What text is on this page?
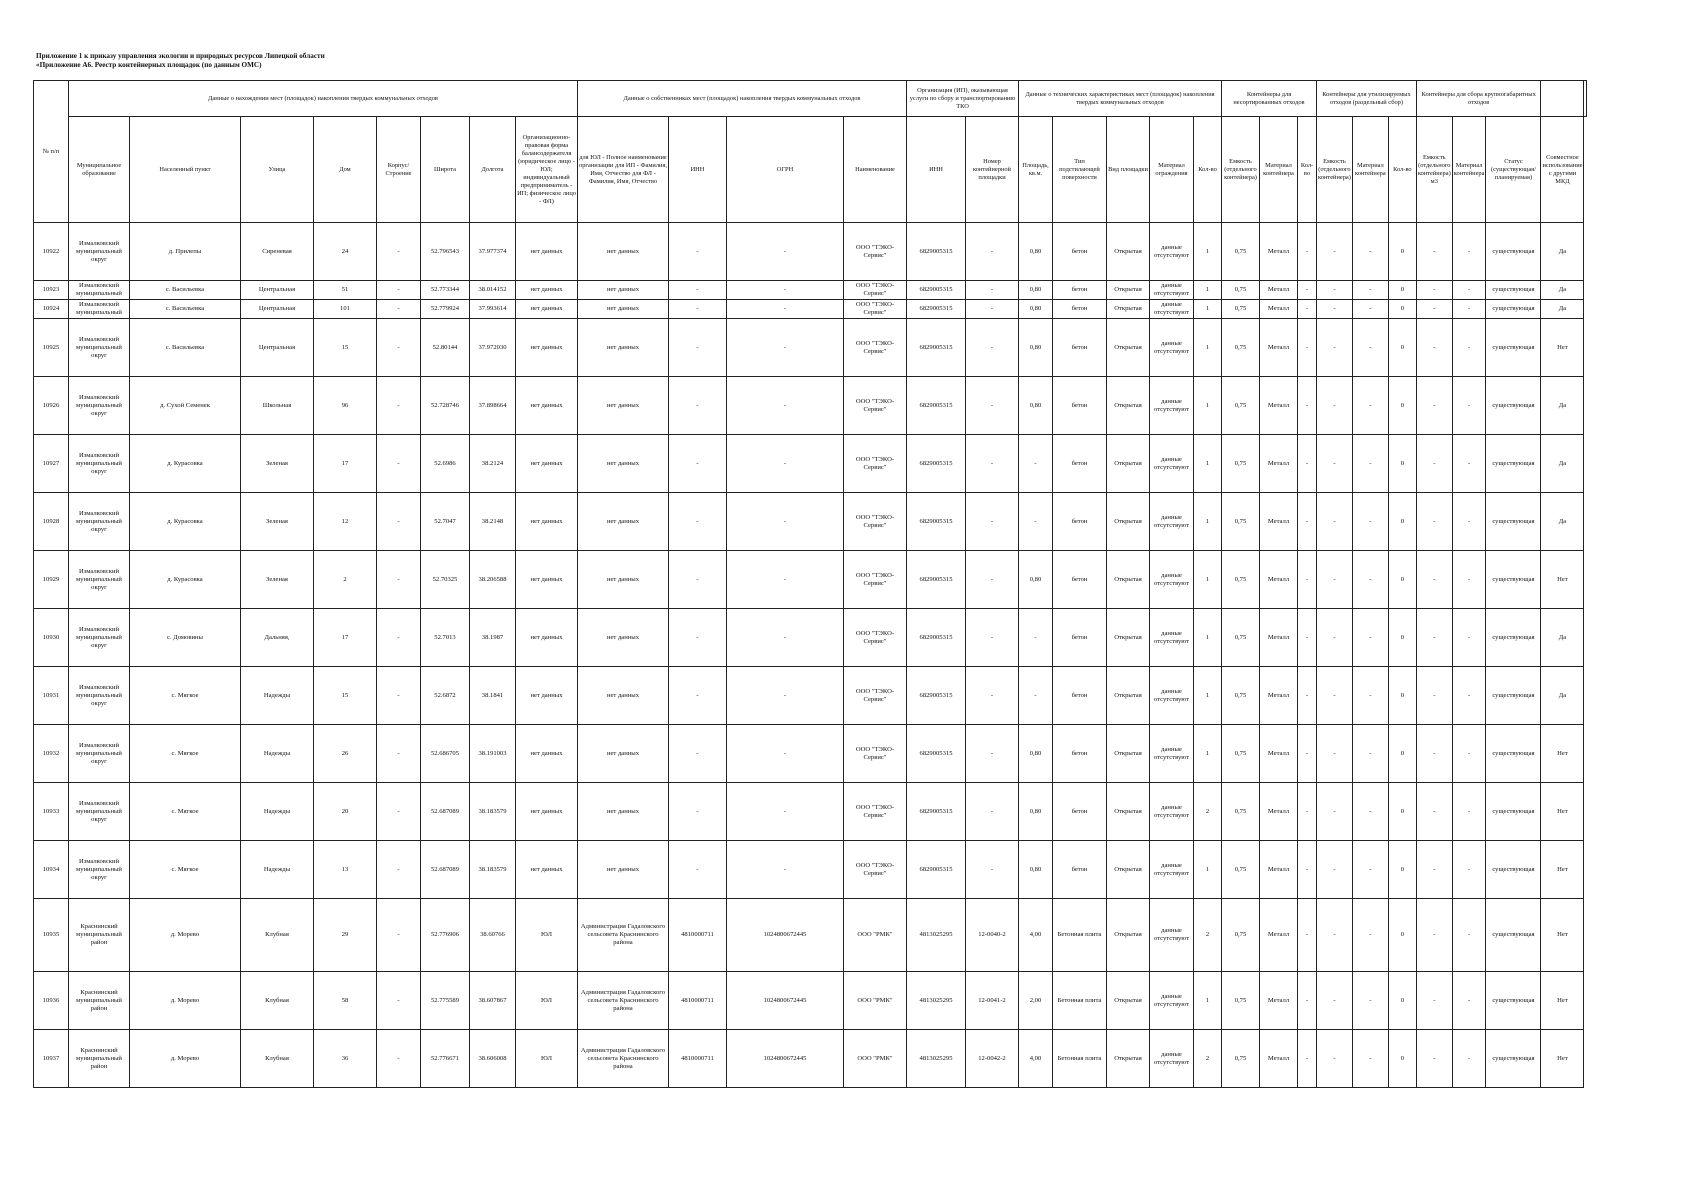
Приложение 1 к приказу управления экологии и природных ресурсов Липецкой области
«Приложение А6. Реестр контейнерных площадок (по данным ОМС)
№ п/п	Данные о нахождении мест (площадок) накопления твердых коммунальных отходов								Данные о собственниках мест (площадок) накопления твердых коммунальных отходов				Организация (ИП), оказывающая услуги по сбору и транспортированию ТКО		Данные о технических характеристиках мест (площадок) накопления твердых коммунальных отходов					Контейнеры для несортированных отходов			Контейнеры для утилизируемых отходов (раздельный сбор)			Контейнеры для сбора крупногабаритных отходов				
	Муниципальное образование	Населенный пункт	Улица	Дом	Корпус/Строение	Широта	Долгота	Организационно-правовая форма балансодержателя (юридическое лицо - ЮЛ; индивидуальный предприниматель - ИП; физическое лицо - ФЛ)	для ЮЛ - Полное наименование организации для ИП - Фамилия, Имя, Отчество для ФЛ - Фамилия, Имя, Отчество	ИНН	ОГРН	Наименование	ИНН	Номер контейнерной площадки	Площадь, кв.м.	Тип подстилающей поверхности	Вид площадки	Материал ограждения	Кол-во	Емкость (отдельного контейнера)	Материал контейнера	Кол-во	Емкость (отдельного контейнера)	Материал контейнера	Кол-во	Емкость (отдельного контейнера) м3	Материал контейнера	Статус (существующая/планируемая)	Совместное использование с другими МКД	
10922	Измалковский муниципальный округ	д. Прилепы	Сиреневая	24	-	52.796543	37.977374	нет данных	нет данных	-	-	ООО "ТЭКО-Сервис"	6829005315	-	0,80	бетон	Открытая	данные отсутствуют	1	0,75	Металл	-	-	-	0	-	-	существующая	Да	
10923	Измалковский муниципальный	с. Васильевка	Центральная	51	-	52.773344	38.014152	нет данных	нет данных	-	-	ООО "ТЭКО-Сервис"	6829005315	-	0,80	бетон	Открытая	данные отсутствуют	1	0,75	Металл	-	-	-	0	-	-	существующая	Да	
10924	Измалковский муниципальный	с. Васильевка	Центральная	101	-	52.779924	37.993614	нет данных	нет данных	-	-	ООО "ТЭКО-Сервис"	6829005315	-	0,80	бетон	Открытая	данные отсутствуют	1	0,75	Металл	-	-	-	0	-	-	существующая	Да	
10925	Измалковский муниципальный округ	с. Васильевка	Центральная	15	-	52.80144	37.972030	нет данных	нет данных	-	-	ООО "ТЭКО-Сервис"	6829005315	-	0,80	бетон	Открытая	данные отсутствуют	1	0,75	Металл	-	-	-	0	-	-	существующая	Нет	
10926	Измалковский муниципальный округ	д. Сухой Семенек	Школьная	96	-	52.728746	37.898664	нет данных	нет данных	-	-	ООО "ТЭКО-Сервис"	6829005315	-	0,80	бетон	Открытая	данные отсутствуют	1	0,75	Металл	-	-	-	0	-	-	существующая	Да	
10927	Измалковский муниципальный округ	д. Курасовка	Зеленая	17	-	52.6986	38.2124	нет данных	нет данных	-	-	ООО "ТЭКО-Сервис"	6829005315	-	-	бетон	Открытая	данные отсутствуют	1	0,75	Металл	-	-	-	0	-	-	существующая	Да	
10928	Измалковский муниципальный округ	д. Курасовка	Зеленая	12	-	52.7047	38.2148	нет данных	нет данных	-	-	ООО "ТЭКО-Сервис"	6829005315	-	-	бетон	Открытая	данные отсутствуют	1	0,75	Металл	-	-	-	0	-	-	существующая	Да	
10929	Измалковский муниципальный округ	д. Курасовка	Зеленая	2	-	52.70325	38.206588	нет данных	нет данных	-	-	ООО "ТЭКО-Сервис"	6829005315	-	0,80	бетон	Открытая	данные отсутствуют	1	0,75	Металл	-	-	-	0	-	-	существующая	Нет	
10930	Измалковский муниципальный округ	с. Домовины	Дальняя,	17	-	52.7013	38.1987	нет данных	нет данных	-	-	ООО "ТЭКО-Сервис"	6829005315	-	-	бетон	Открытая	данные отсутствуют	1	0,75	Металл	-	-	-	0	-	-	существующая	Да	
10931	Измалковский муниципальный округ	с. Мягкое	Надежды	15	-	52.6872	38.1841	нет данных	нет данных	-	-	ООО "ТЭКО-Сервис"	6829005315	-	-	бетон	Открытая	данные отсутствуют	1	0,75	Металл	-	-	-	0	-	-	существующая	Да	
10932	Измалковский муниципальный округ	с. Мягкое	Надежды	26	-	52.686705	38.191003	нет данных	нет данных	-	-	ООО "ТЭКО-Сервис"	6829005315	-	0,80	бетон	Открытая	данные отсутствуют	1	0,75	Металл	-	-	-	0	-	-	существующая	Нет	
10933	Измалковский муниципальный округ	с. Мягкое	Надежды	20	-	52.687089	38.183579	нет данных	нет данных	-	-	ООО "ТЭКО-Сервис"	6829005315	-	0,80	бетон	Открытая	данные отсутствуют	2	0,75	Металл	-	-	-	0	-	-	существующая	Нет	
10934	Измалковский муниципальный округ	с. Мягкое	Надежды	13	-	52.687089	38.183579	нет данных	нет данных	-	-	ООО "ТЭКО-Сервис"	6829005315	-	0,80	бетон	Открытая	данные отсутствуют	1	0,75	Металл	-	-	-	0	-	-	существующая	Нет	
10935	Краснинский муниципальный район	д. Морево	Клубная	29	-	52.776906	38.60766	ЮЛ	Администрация Гадаловского сельсовета Краснинского района	4810000711	1024800672445	ООО "РМК"	4813025295	12-0040-2	4,00	Бетонная плита	Открытая	данные отсутствуют	2	0,75	Металл	-	-	-	0	-	-	существующая	Нет	
10936	Краснинский муниципальный район	д. Морево	Клубная	58	-	52.775589	38.607867	ЮЛ	Администрация Гадаловского сельсовета Краснинского района	4810000711	1024800672445	ООО "РМК"	4813025295	12-0041-2	2,00	Бетонная плита	Открытая	данные отсутствуют	1	0,75	Металл	-	-	-	0	-	-	существующая	Нет	
10937	Краснинский муниципальный район	д. Морево	Клубная	36	-	52.776671	38.606008	ЮЛ	Администрация Гадаловского сельсовета Краснинского района	4810000711	1024800672445	ООО "РМК"	4813025295	12-0042-2	4,00	Бетонная плита	Открытая	данные отсутствуют	2	0,75	Металл	-	-	-	0	-	-	существующая	Нет	
